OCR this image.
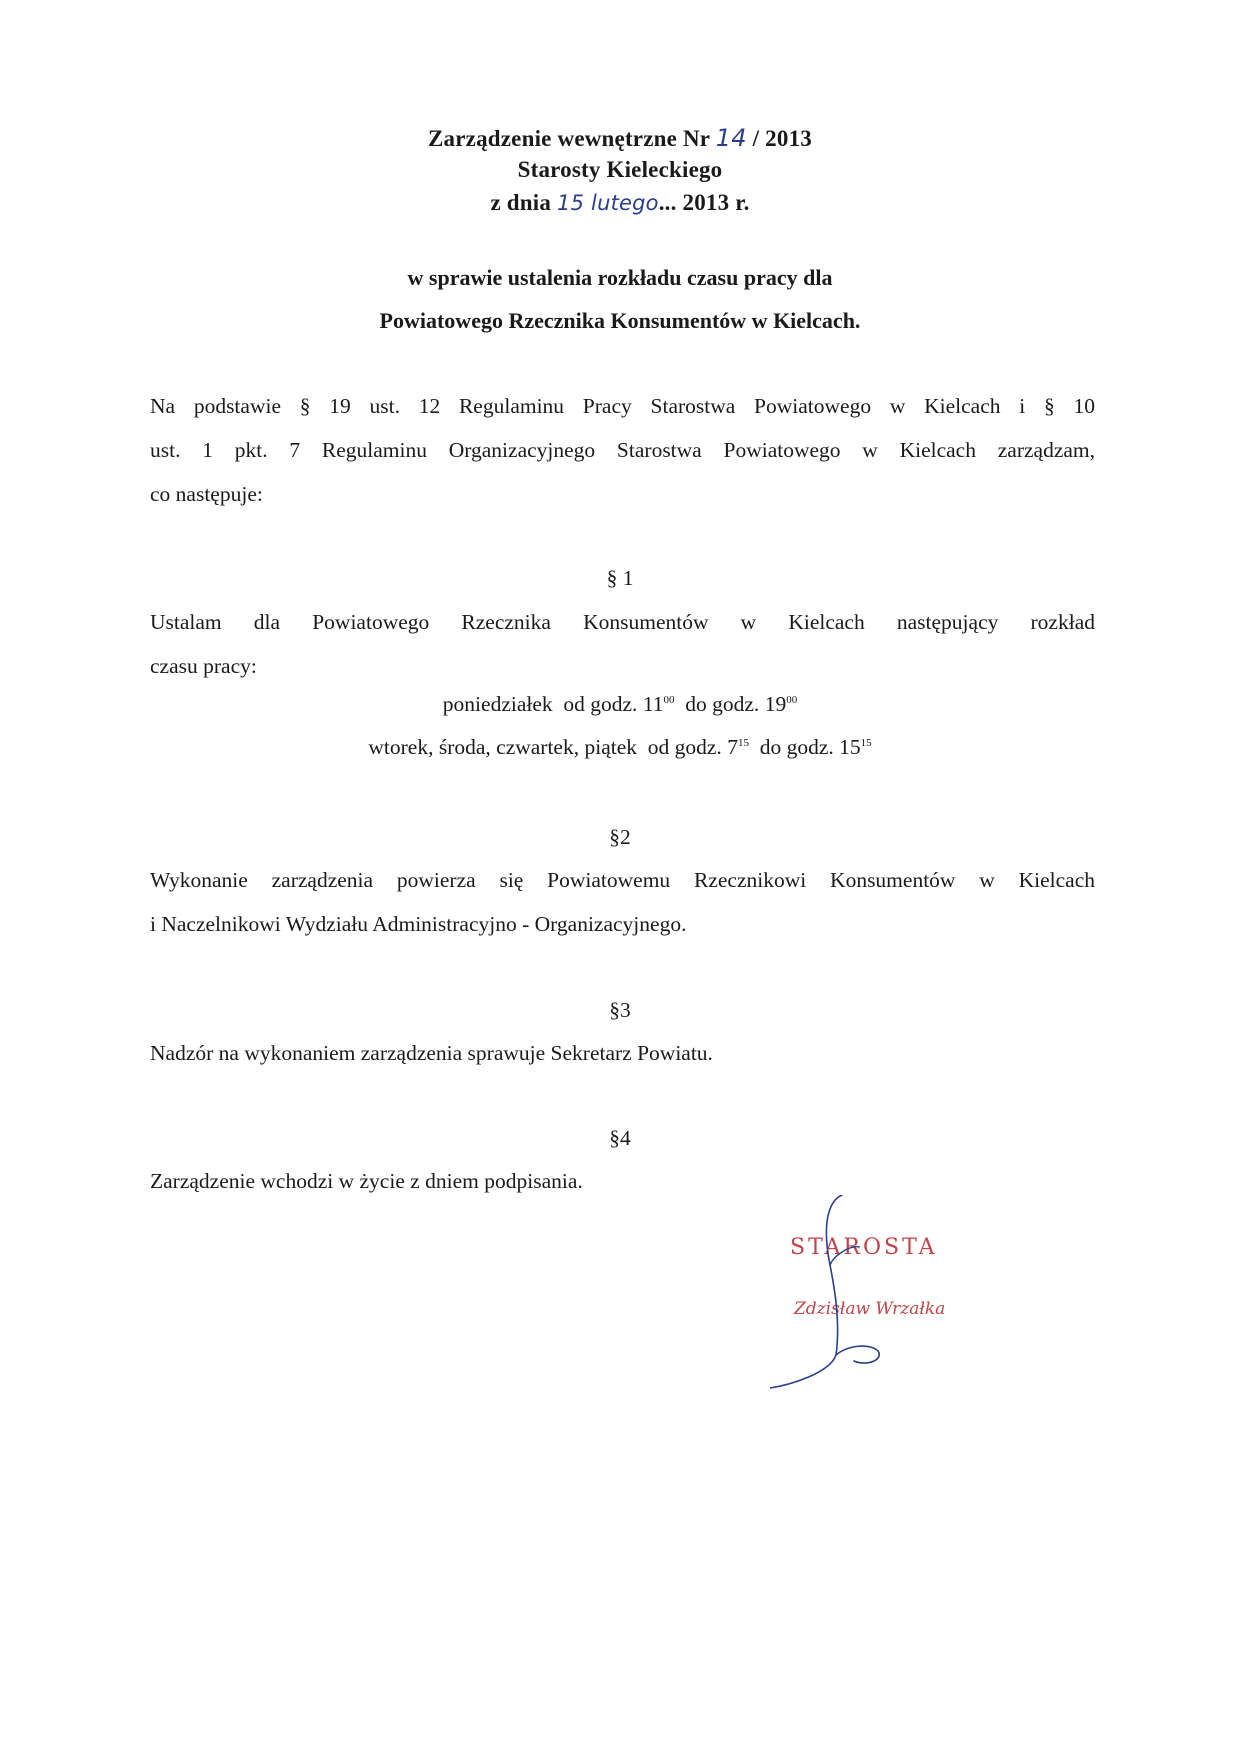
Zarządzenie wewnętrzne Nr 14 / 2013
Starosty Kieleckiego
z dnia 15 lutego... 2013 r.
w sprawie ustalenia rozkładu czasu pracy dla
Powiatowego Rzecznika Konsumentów w Kielcach.
Na podstawie § 19 ust. 12 Regulaminu Pracy Starostwa Powiatowego w Kielcach i § 10
ust. 1 pkt. 7 Regulaminu Organizacyjnego Starostwa Powiatowego w Kielcach zarządzam,
co następuje:
§ 1
Ustalam dla Powiatowego Rzecznika Konsumentów w Kielcach następujący rozkład
czasu pracy:
poniedziałek od godz. $11^{00}$ do godz. $19^{00}$
wtorek, środa, czwartek, piątek od godz. $7^{15}$ do godz. $15^{15}$
§2
Wykonanie zarządzenia powierza się Powiatowemu Rzecznikowi Konsumentów w Kielcach
i Naczelnikowi Wydziału Administracyjno - Organizacyjnego.
§3
Nadzór na wykonaniem zarządzenia sprawuje Sekretarz Powiatu.
§4
Zarządzenie wchodzi w życie z dniem podpisania.
STAROSTA
Zdzisław Wrzałka
